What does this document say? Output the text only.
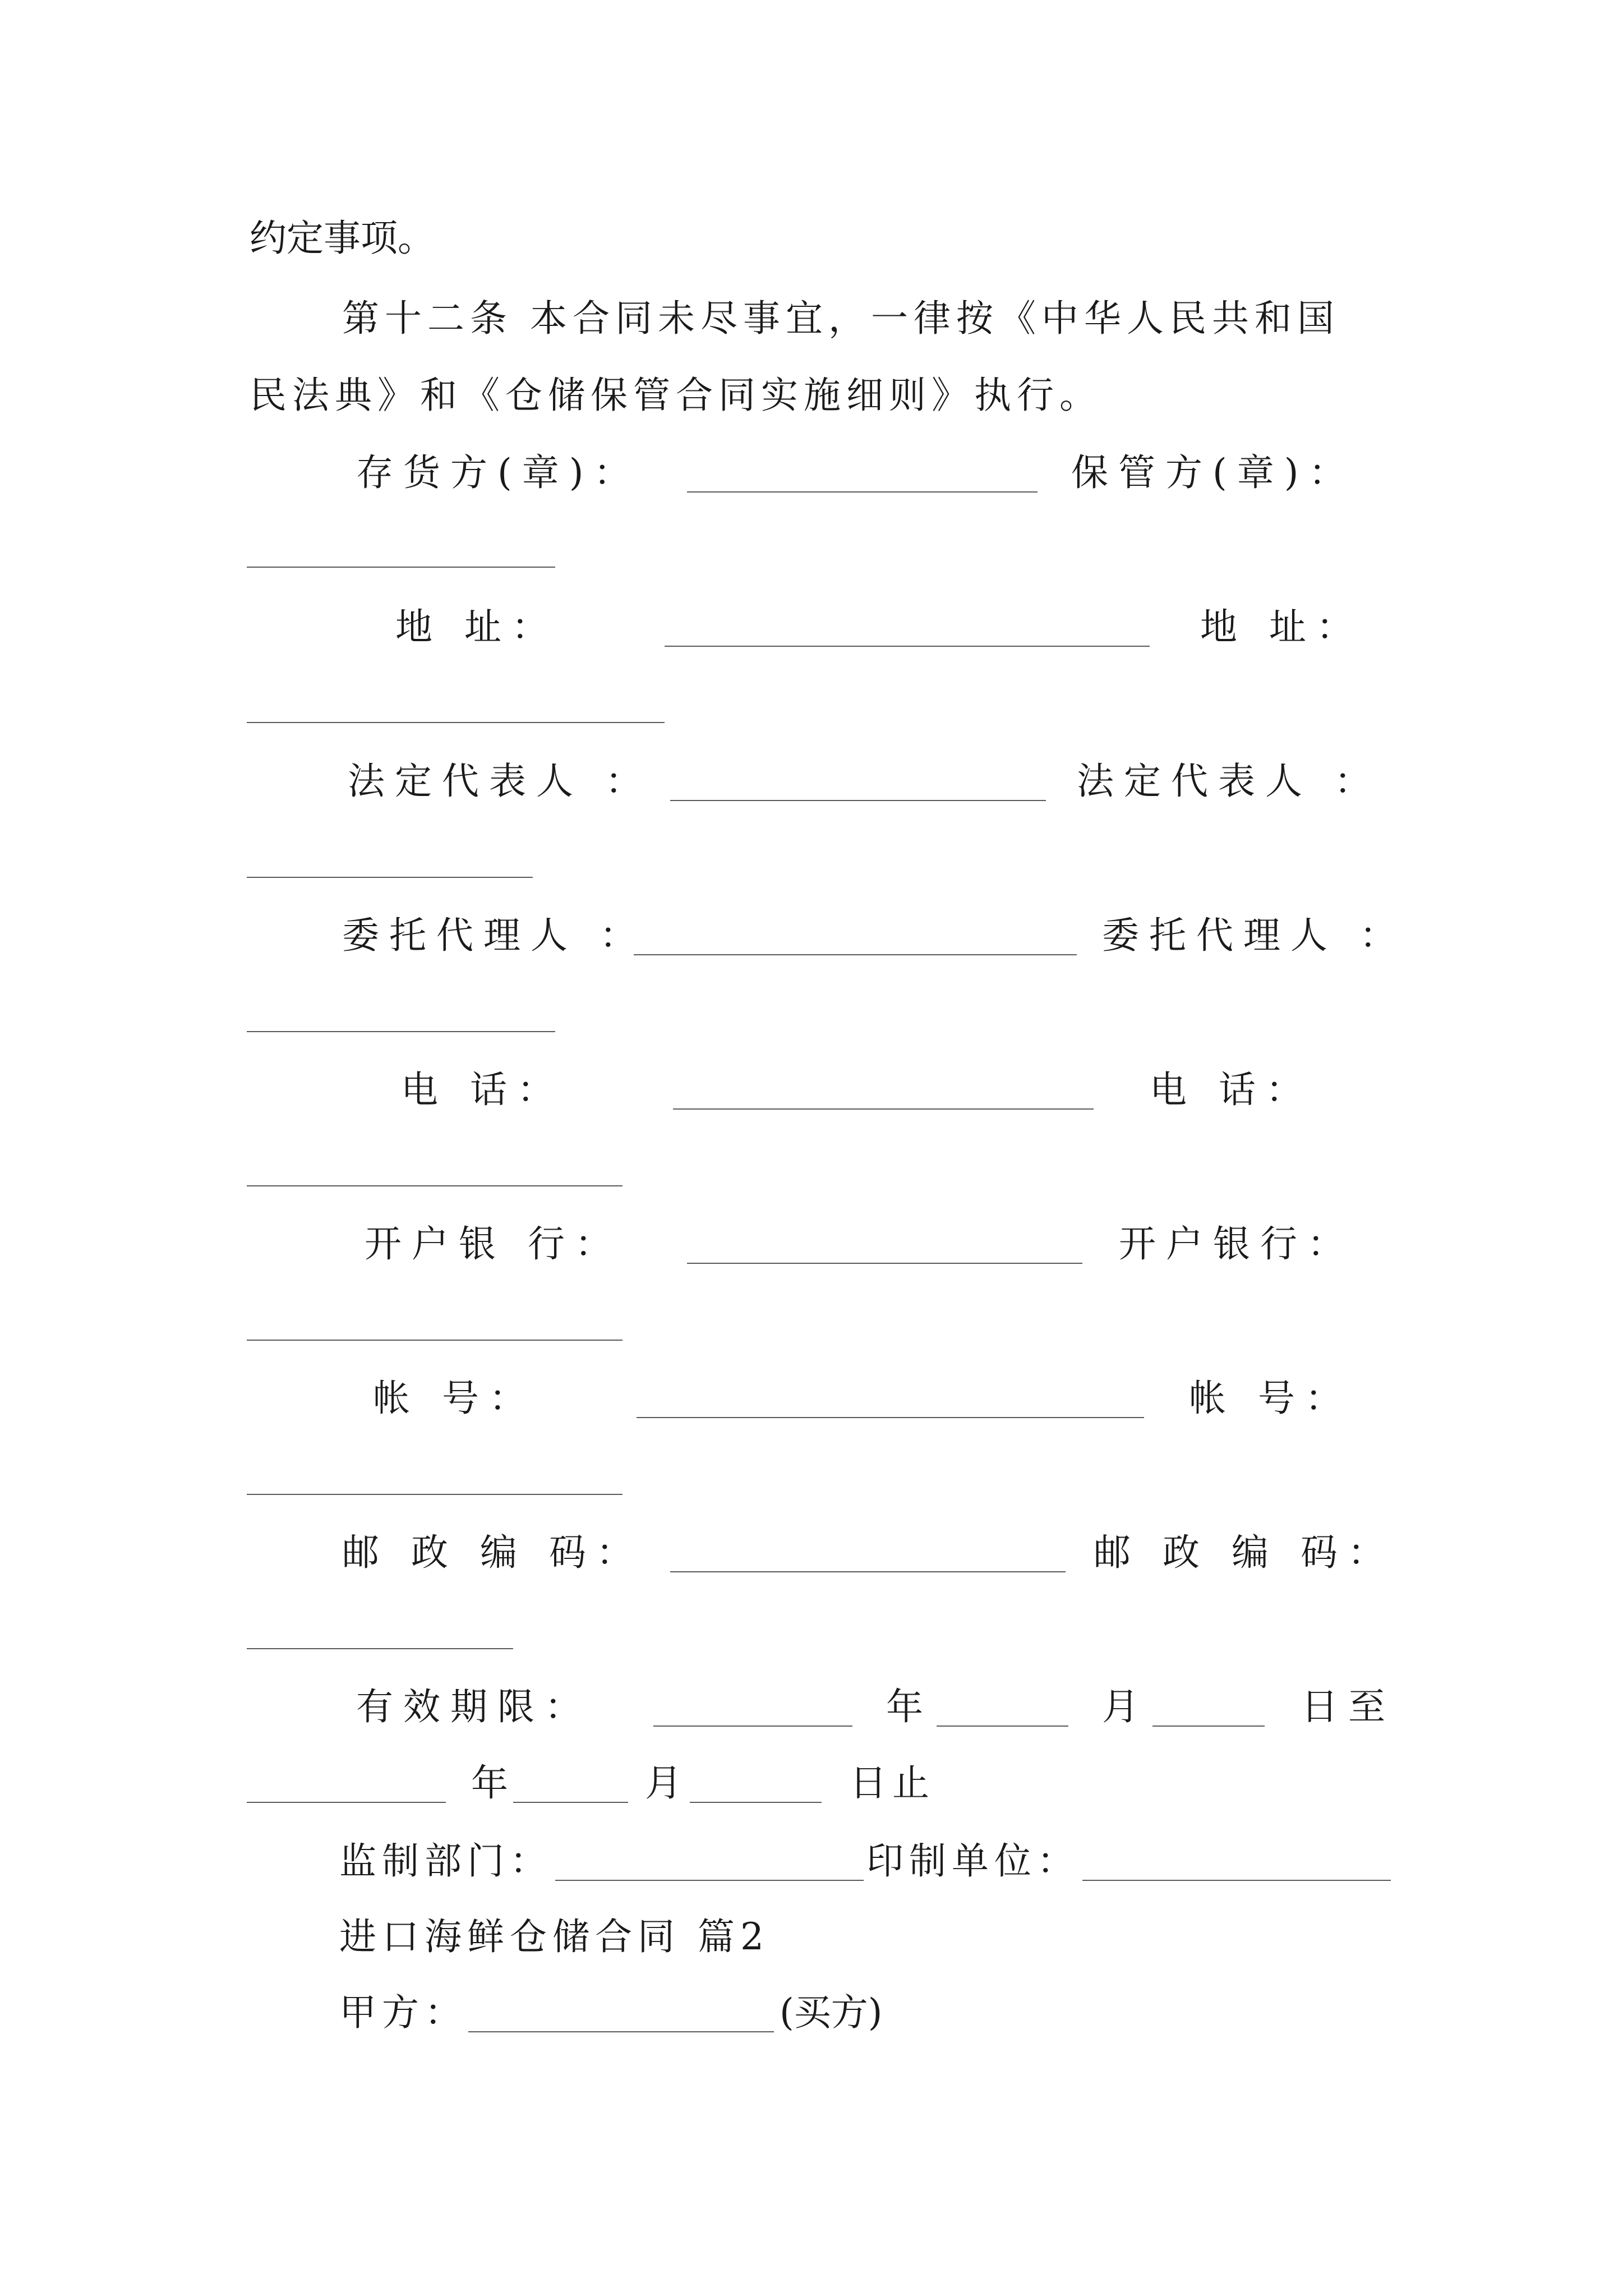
约定事项。

第十二条 本合同未尽事宜，一律按《中华人民共和国

民法典》和《仓储保管合同实施细则》执行。

存货方(章)：	保管方(章)：

地 址：	地 址：

法定代表人 ：	法定代表人 ：

委托代理人 ：	委托代理人 ：

电 话：	电 话：

开户银 行：	开户银行：

帐 号：	帐 号：

邮 政 编 码：	邮 政 编 码：

有效期限：	年	月	日至

年	月	日止

监制部门：	印制单位：

进口海鲜仓储合同 篇2

甲方：	(买方)
